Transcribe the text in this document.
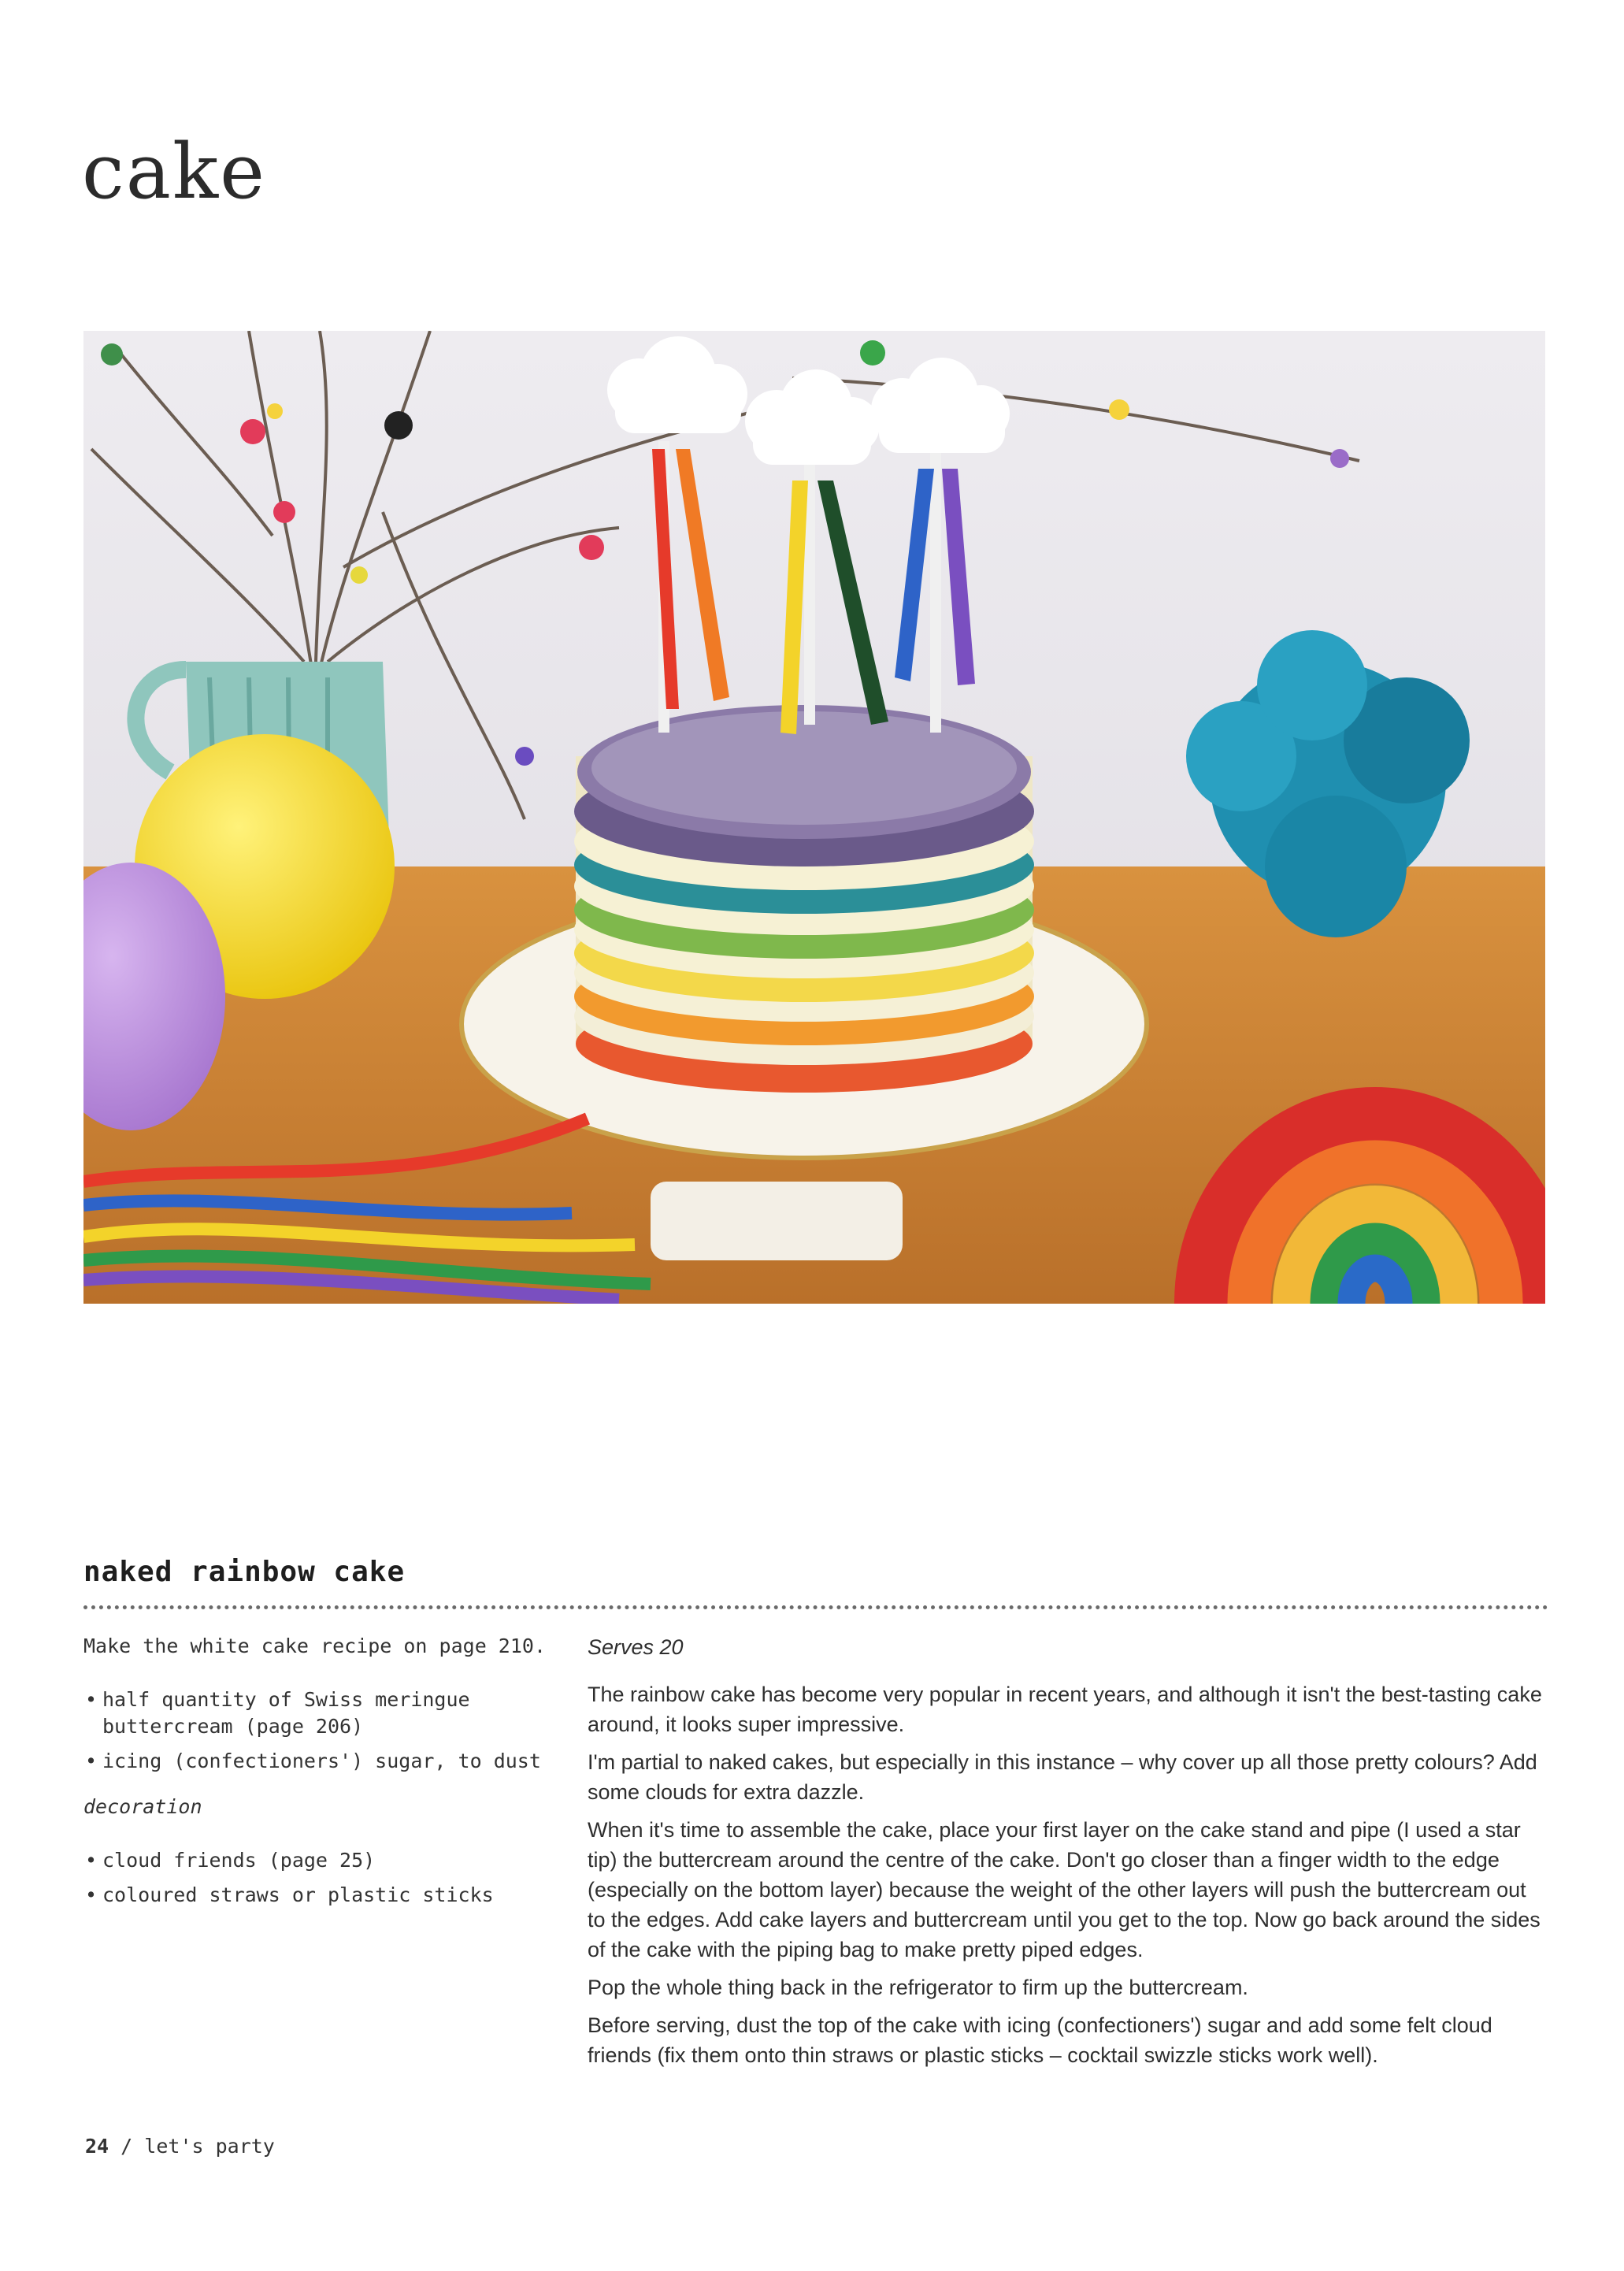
cake
naked rainbow cake

Make the white cake recipe on page 210.

• half quantity of Swiss meringue buttercream (page 206)
• icing (confectioners') sugar, to dust

decoration

• cloud friends (page 25)
• coloured straws or plastic sticks

Serves 20

The rainbow cake has become very popular in recent years, and although it isn't the best-tasting cake around, it looks super impressive.

I'm partial to naked cakes, but especially in this instance – why cover up all those pretty colours? Add some clouds for extra dazzle.

When it's time to assemble the cake, place your first layer on the cake stand and pipe (I used a star tip) the buttercream around the centre of the cake. Don't go closer than a finger width to the edge (especially on the bottom layer) because the weight of the other layers will push the buttercream out to the edges. Add cake layers and buttercream until you get to the top. Now go back around the sides of the cake with the piping bag to make pretty piped edges.

Pop the whole thing back in the refrigerator to firm up the buttercream.

Before serving, dust the top of the cake with icing (confectioners') sugar and add some felt cloud friends (fix them onto thin straws or plastic sticks – cocktail swizzle sticks work well).

24 / let's party
